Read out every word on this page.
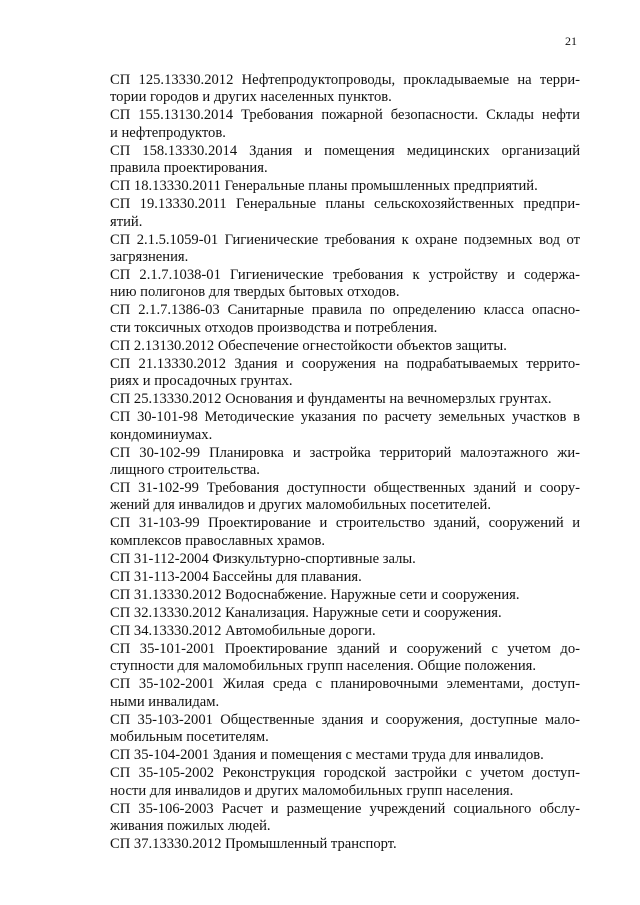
21
СП 125.13330.2012 Нефтепродуктопроводы, прокладываемые на терри-
тории городов и других населенных пунктов.
СП 155.13130.2014 Требования пожарной безопасности. Склады нефти
и нефтепродуктов.
СП 158.13330.2014 Здания и помещения медицинских организаций
правила проектирования.
СП 18.13330.2011 Генеральные планы промышленных предприятий.
СП 19.13330.2011 Генеральные планы сельскохозяйственных предпри-
ятий.
СП 2.1.5.1059-01 Гигиенические требования к охране подземных вод от
загрязнения.
СП 2.1.7.1038-01 Гигиенические требования к устройству и содержа-
нию полигонов для твердых бытовых отходов.
СП 2.1.7.1386-03 Санитарные правила по определению класса опасно-
сти токсичных отходов производства и потребления.
СП 2.13130.2012 Обеспечение огнестойкости объектов защиты.
СП 21.13330.2012 Здания и сооружения на подрабатываемых террито-
риях и просадочных грунтах.
СП 25.13330.2012 Основания и фундаменты на вечномерзлых грунтах.
СП 30-101-98 Методические указания по расчету земельных участков в
кондоминиумах.
СП 30-102-99 Планировка и застройка территорий малоэтажного жи-
лищного строительства.
СП 31-102-99 Требования доступности общественных зданий и соору-
жений для инвалидов и других маломобильных посетителей.
СП 31-103-99 Проектирование и строительство зданий, сооружений и
комплексов православных храмов.
СП 31-112-2004 Физкультурно-спортивные залы.
СП 31-113-2004 Бассейны для плавания.
СП 31.13330.2012 Водоснабжение. Наружные сети и сооружения.
СП 32.13330.2012 Канализация. Наружные сети и сооружения.
СП 34.13330.2012 Автомобильные дороги.
СП 35-101-2001 Проектирование зданий и сооружений с учетом до-
ступности для маломобильных групп населения. Общие положения.
СП 35-102-2001 Жилая среда с планировочными элементами, доступ-
ными инвалидам.
СП 35-103-2001 Общественные здания и сооружения, доступные мало-
мобильным посетителям.
СП 35-104-2001 Здания и помещения с местами труда для инвалидов.
СП 35-105-2002 Реконструкция городской застройки с учетом доступ-
ности для инвалидов и других маломобильных групп населения.
СП 35-106-2003 Расчет и размещение учреждений социального обслу-
живания пожилых людей.
СП 37.13330.2012 Промышленный транспорт.
